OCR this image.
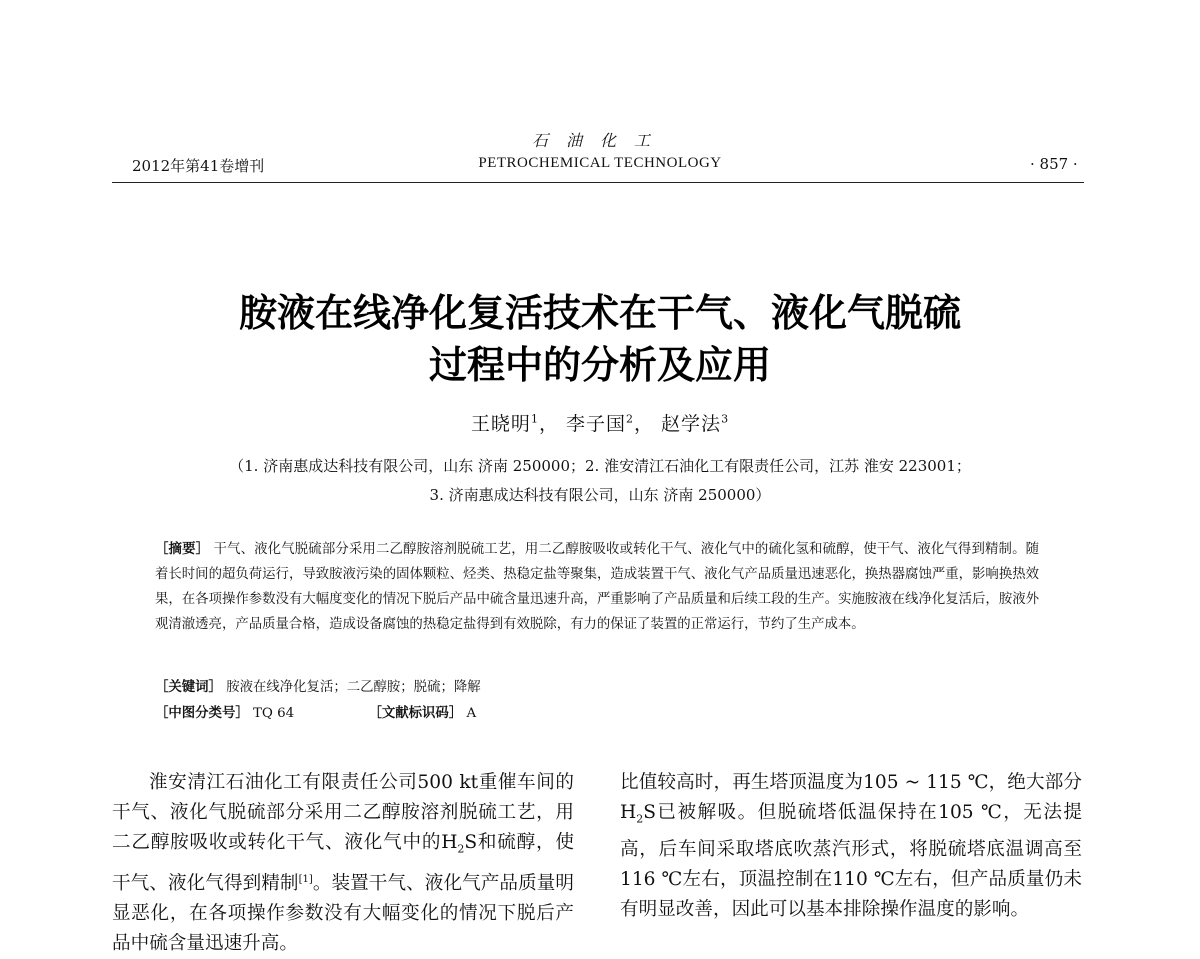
石油化工
2012年第41卷增刊	PETROCHEMICAL TECHNOLOGY	· 857 ·
胺液在线净化复活技术在干气、液化气脱硫
过程中的分析及应用
王晓明$^1$， 李子国$^2$， 赵学法$^3$
（1. 济南惠成达科技有限公司，山东 济南 250000；2. 淮安清江石油化工有限责任公司，江苏 淮安 223001；
3. 济南惠成达科技有限公司，山东 济南 250000）
［摘要］ 干气、液化气脱硫部分采用二乙醇胺溶剂脱硫工艺，用二乙醇胺吸收或转化干气、液化气中的硫化氢和硫醇，使干气、液化气得到精制。随着长时间的超负荷运行，导致胺液污染的固体颗粒、烃类、热稳定盐等聚集，造成装置干气、液化气产品质量迅速恶化，换热器腐蚀严重，影响换热效果，在各项操作参数没有大幅度变化的情况下脱后产品中硫含量迅速升高，严重影响了产品质量和后续工段的生产。实施胺液在线净化复活后，胺液外观清澈透亮，产品质量合格，造成设备腐蚀的热稳定盐得到有效脱除，有力的保证了装置的正常运行，节约了生产成本。
［关键词］ 胺液在线净化复活；二乙醇胺；脱硫；降解
［中图分类号］ TQ 64	［文献标识码］ A
淮安清江石油化工有限责任公司500 kt重催车间的干气、液化气脱硫部分采用二乙醇胺溶剂脱硫工艺，用二乙醇胺吸收或转化干气、液化气中的$H_2S$和硫醇，使干气、液化气得到精制[1]。装置干气、液化气产品质量明显恶化，在各项操作参数没有大幅变化的情况下脱后产品中硫含量迅速升高。
比值较高时，再生塔顶温度为105 ~ 115 ℃，绝大部分$H_2S$已被解吸。但脱硫塔低温保持在105 ℃，无法提高，后车间采取塔底吹蒸汽形式，将脱硫塔底温调高至116 ℃左右，顶温控制在110 ℃左右，但产品质量仍未有明显改善，因此可以基本排除操作温度的影响。
